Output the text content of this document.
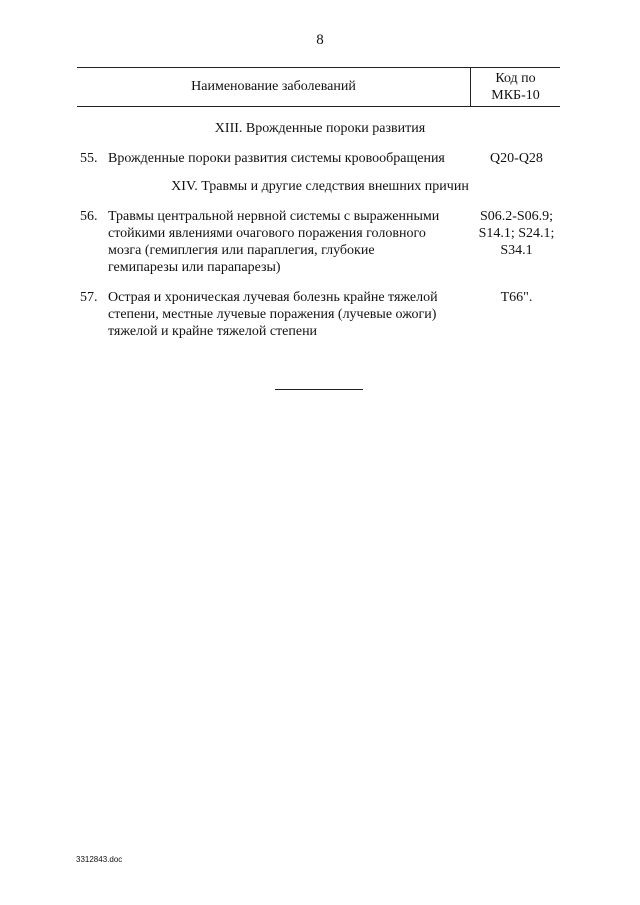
8
Наименование заболеваний
Код по
МКБ-10
XIII. Врожденные пороки развития
55. Врожденные пороки развития системы кровообращения	Q20-Q28
XIV. Травмы и другие следствия внешних причин
56. Травмы центральной нервной системы с выраженными
стойкими явлениями очагового поражения головного
мозга (гемиплегия или параплегия, глубокие
гемипарезы или парапарезы)
S06.2-S06.9;
S14.1; S24.1;
S34.1
57. Острая и хроническая лучевая болезнь крайне тяжелой
степени, местные лучевые поражения (лучевые ожоги)
тяжелой и крайне тяжелой степени
T66".
3312843.doc
